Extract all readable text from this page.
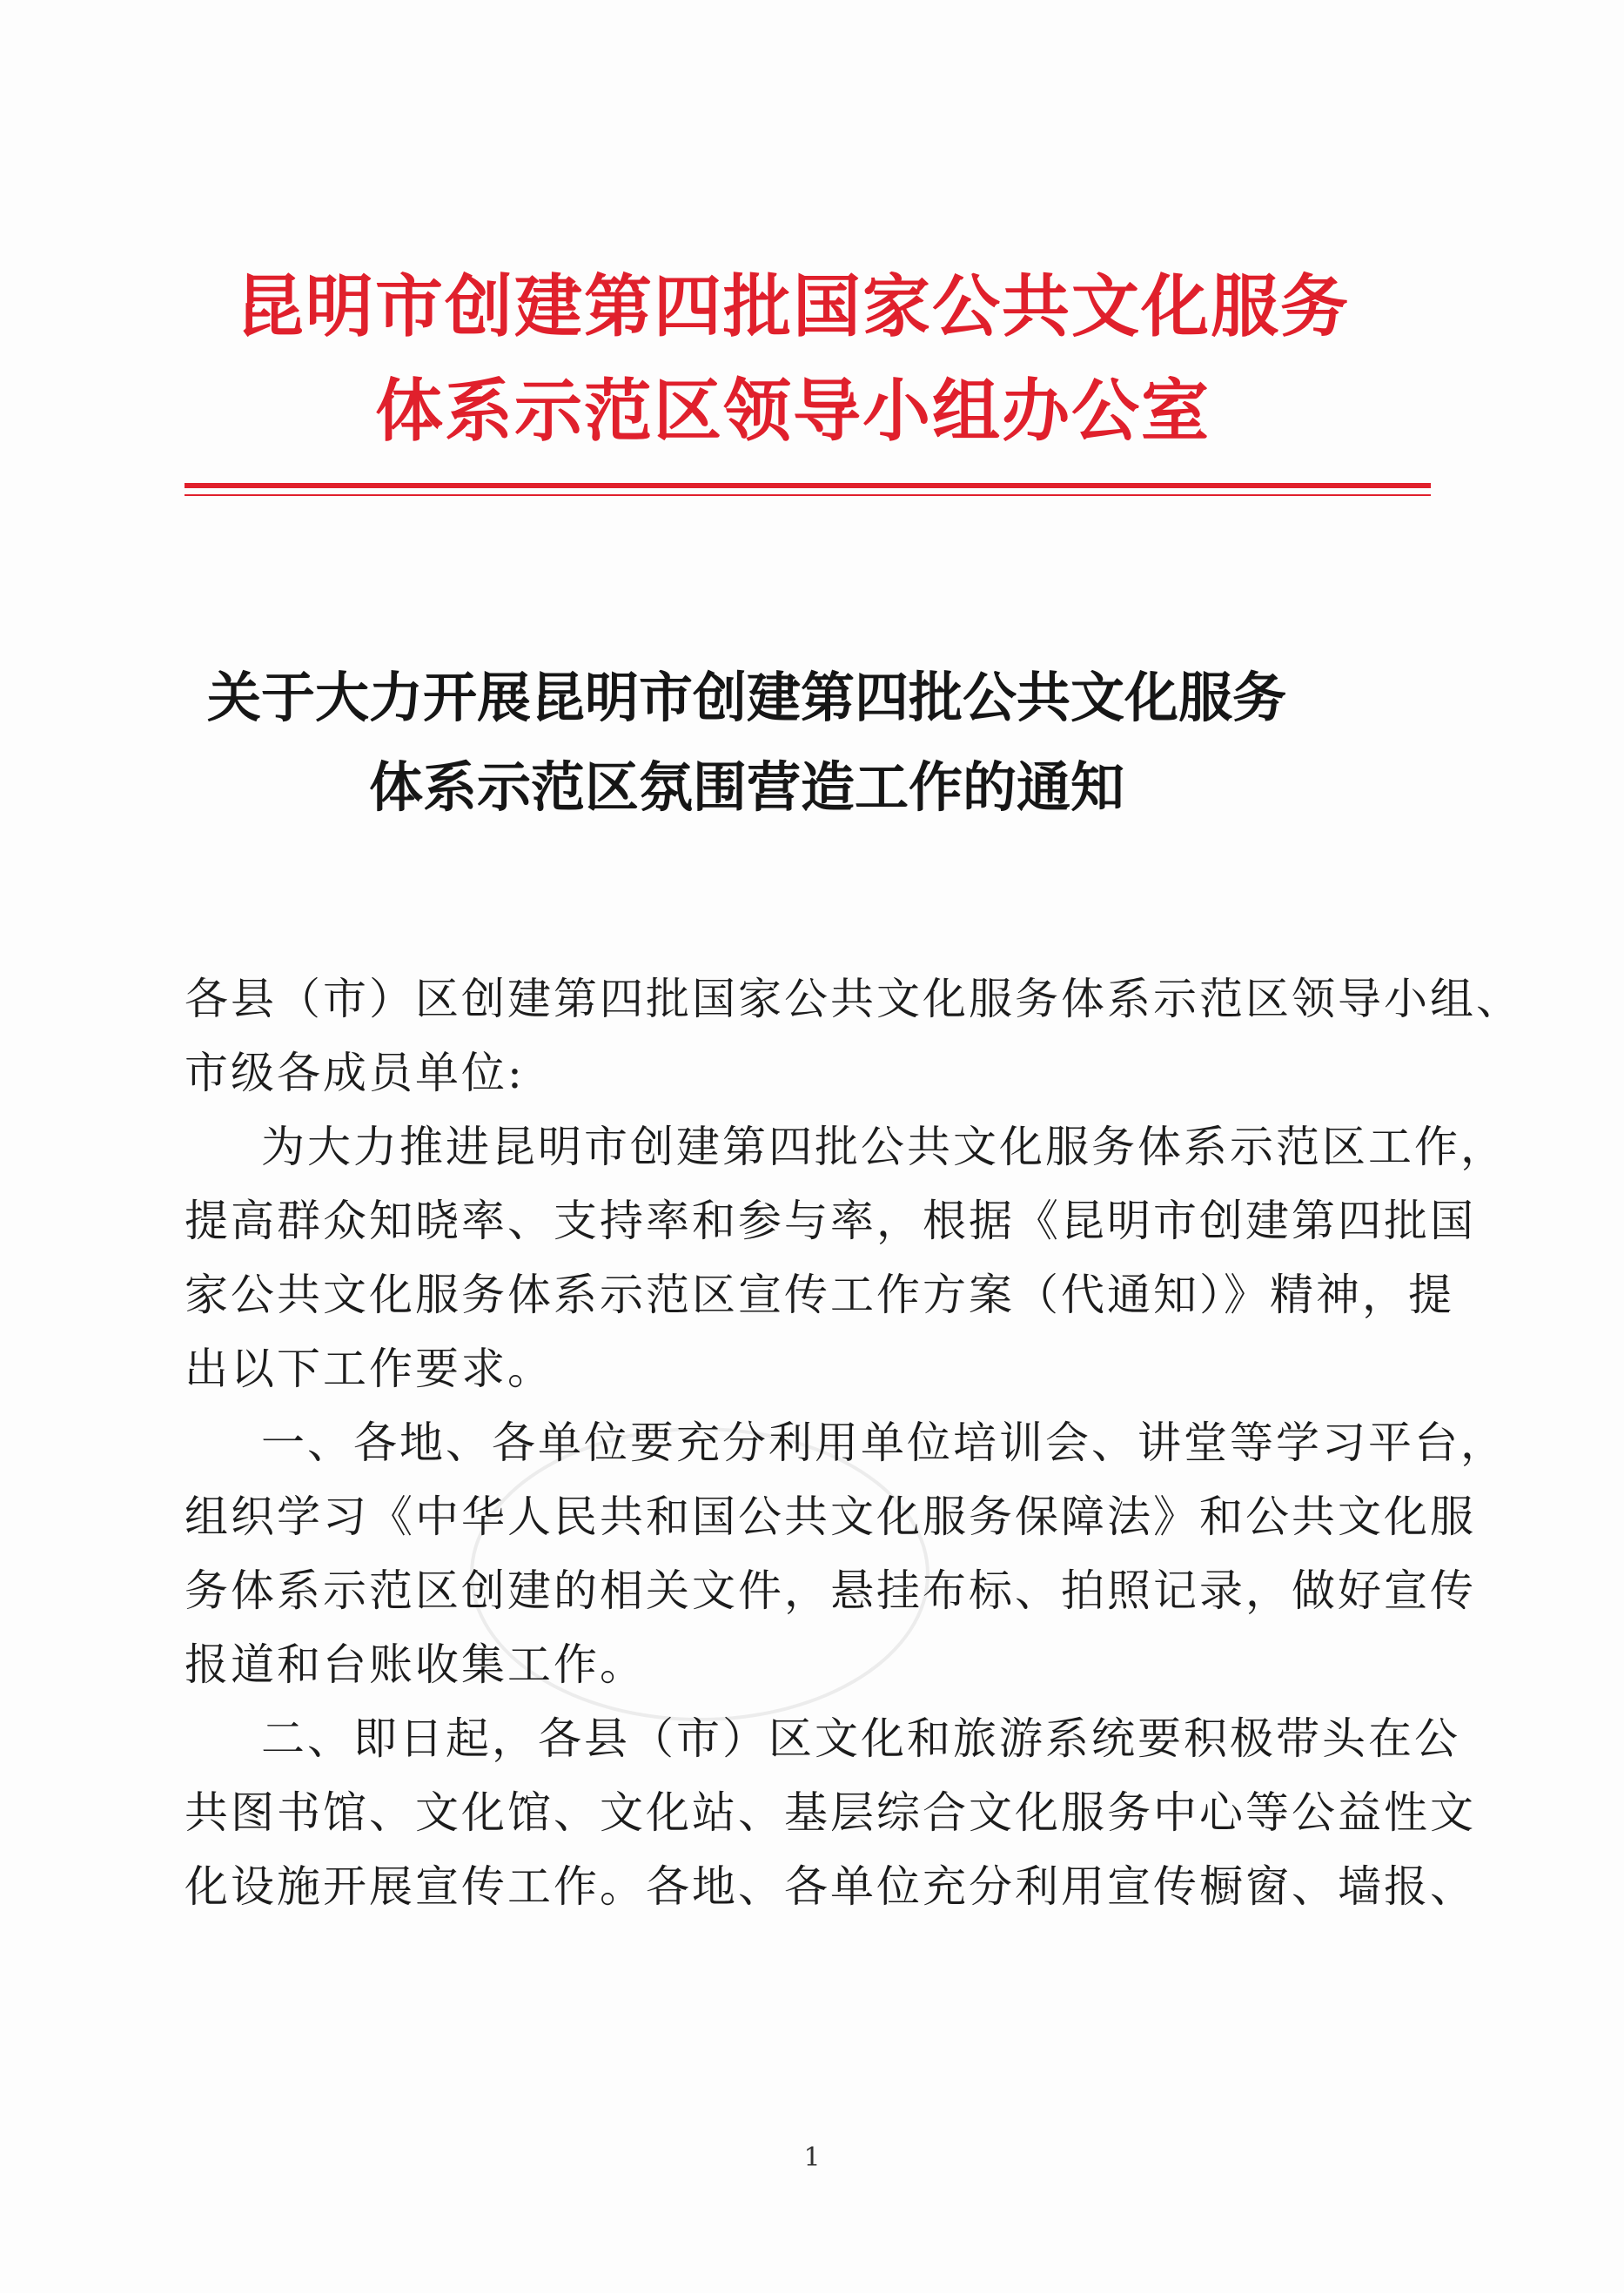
昆明市创建第四批国家公共文化服务
体系示范区领导小组办公室
关于大力开展昆明市创建第四批公共文化服务
体系示范区氛围营造工作的通知
各县（市）区创建第四批国家公共文化服务体系示范区领导小组、
市级各成员单位:
为大力推进昆明市创建第四批公共文化服务体系示范区工作，
提高群众知晓率、支持率和参与率，根据《昆明市创建第四批国
家公共文化服务体系示范区宣传工作方案（代通知）》精神，提
出以下工作要求。
一、各地、各单位要充分利用单位培训会、讲堂等学习平台，
组织学习《中华人民共和国公共文化服务保障法》和公共文化服
务体系示范区创建的相关文件，悬挂布标、拍照记录，做好宣传
报道和台账收集工作。
二、即日起，各县（市）区文化和旅游系统要积极带头在公
共图书馆、文化馆、文化站、基层综合文化服务中心等公益性文
化设施开展宣传工作。各地、各单位充分利用宣传橱窗、墙报、
1
